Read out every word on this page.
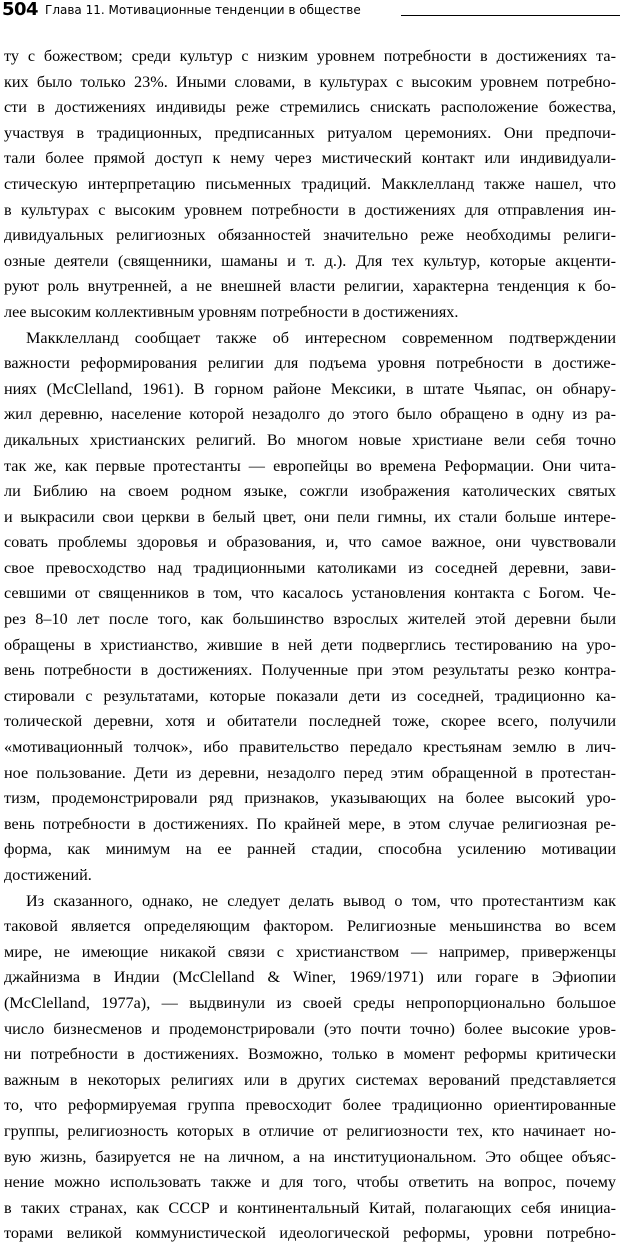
504 Глава 11. Мотивационные тенденции в обществе
ту с божеством; среди культур с низким уровнем потребности в достижениях та-
ких было только 23%. Иными словами, в культурах с высоким уровнем потребно-
сти в достижениях индивиды реже стремились снискать расположение божества,
участвуя в традиционных, предписанных ритуалом церемониях. Они предпочи-
тали более прямой доступ к нему через мистический контакт или индивидуали-
стическую интерпретацию письменных традиций. Макклелланд также нашел, что
в культурах с высоким уровнем потребности в достижениях для отправления ин-
дивидуальных религиозных обязанностей значительно реже необходимы религи-
озные деятели (священники, шаманы и т. д.). Для тех культур, которые акценти-
руют роль внутренней, а не внешней власти религии, характерна тенденция к бо-
лее высоким коллективным уровням потребности в достижениях.
Макклелланд сообщает также об интересном современном подтверждении
важности реформирования религии для подъема уровня потребности в достиже-
ниях (McClelland, 1961). В горном районе Мексики, в штате Чьяпас, он обнару-
жил деревню, население которой незадолго до этого было обращено в одну из ра-
дикальных христианских религий. Во многом новые христиане вели себя точно
так же, как первые протестанты — европейцы во времена Реформации. Они чита-
ли Библию на своем родном языке, сожгли изображения католических святых
и выкрасили свои церкви в белый цвет, они пели гимны, их стали больше интере-
совать проблемы здоровья и образования, и, что самое важное, они чувствовали
свое превосходство над традиционными католиками из соседней деревни, зави-
севшими от священников в том, что касалось установления контакта с Богом. Че-
рез 8–10 лет после того, как большинство взрослых жителей этой деревни были
обращены в христианство, жившие в ней дети подверглись тестированию на уро-
вень потребности в достижениях. Полученные при этом результаты резко контра-
стировали с результатами, которые показали дети из соседней, традиционно ка-
толической деревни, хотя и обитатели последней тоже, скорее всего, получили
«мотивационный толчок», ибо правительство передало крестьянам землю в лич-
ное пользование. Дети из деревни, незадолго перед этим обращенной в протестан-
тизм, продемонстрировали ряд признаков, указывающих на более высокий уро-
вень потребности в достижениях. По крайней мере, в этом случае религиозная ре-
форма, как минимум на ее ранней стадии, способна усилению мотивации
достижений.
Из сказанного, однако, не следует делать вывод о том, что протестантизм как
таковой является определяющим фактором. Религиозные меньшинства во всем
мире, не имеющие никакой связи с христианством — например, приверженцы
джайнизма в Индии (McClelland & Winer, 1969/1971) или гораге в Эфиопии
(McClelland, 1977a), — выдвинули из своей среды непропорционально большое
число бизнесменов и продемонстрировали (это почти точно) более высокие уров-
ни потребности в достижениях. Возможно, только в момент реформы критически
важным в некоторых религиях или в других системах верований представляется
то, что реформируемая группа превосходит более традиционно ориентированные
группы, религиозность которых в отличие от религиозности тех, кто начинает но-
вую жизнь, базируется не на личном, а на институциональном. Это общее объяс-
нение можно использовать также и для того, чтобы ответить на вопрос, почему
в таких странах, как СССР и континентальный Китай, полагающих себя инициа-
торами великой коммунистической идеологической реформы, уровни потребно-
